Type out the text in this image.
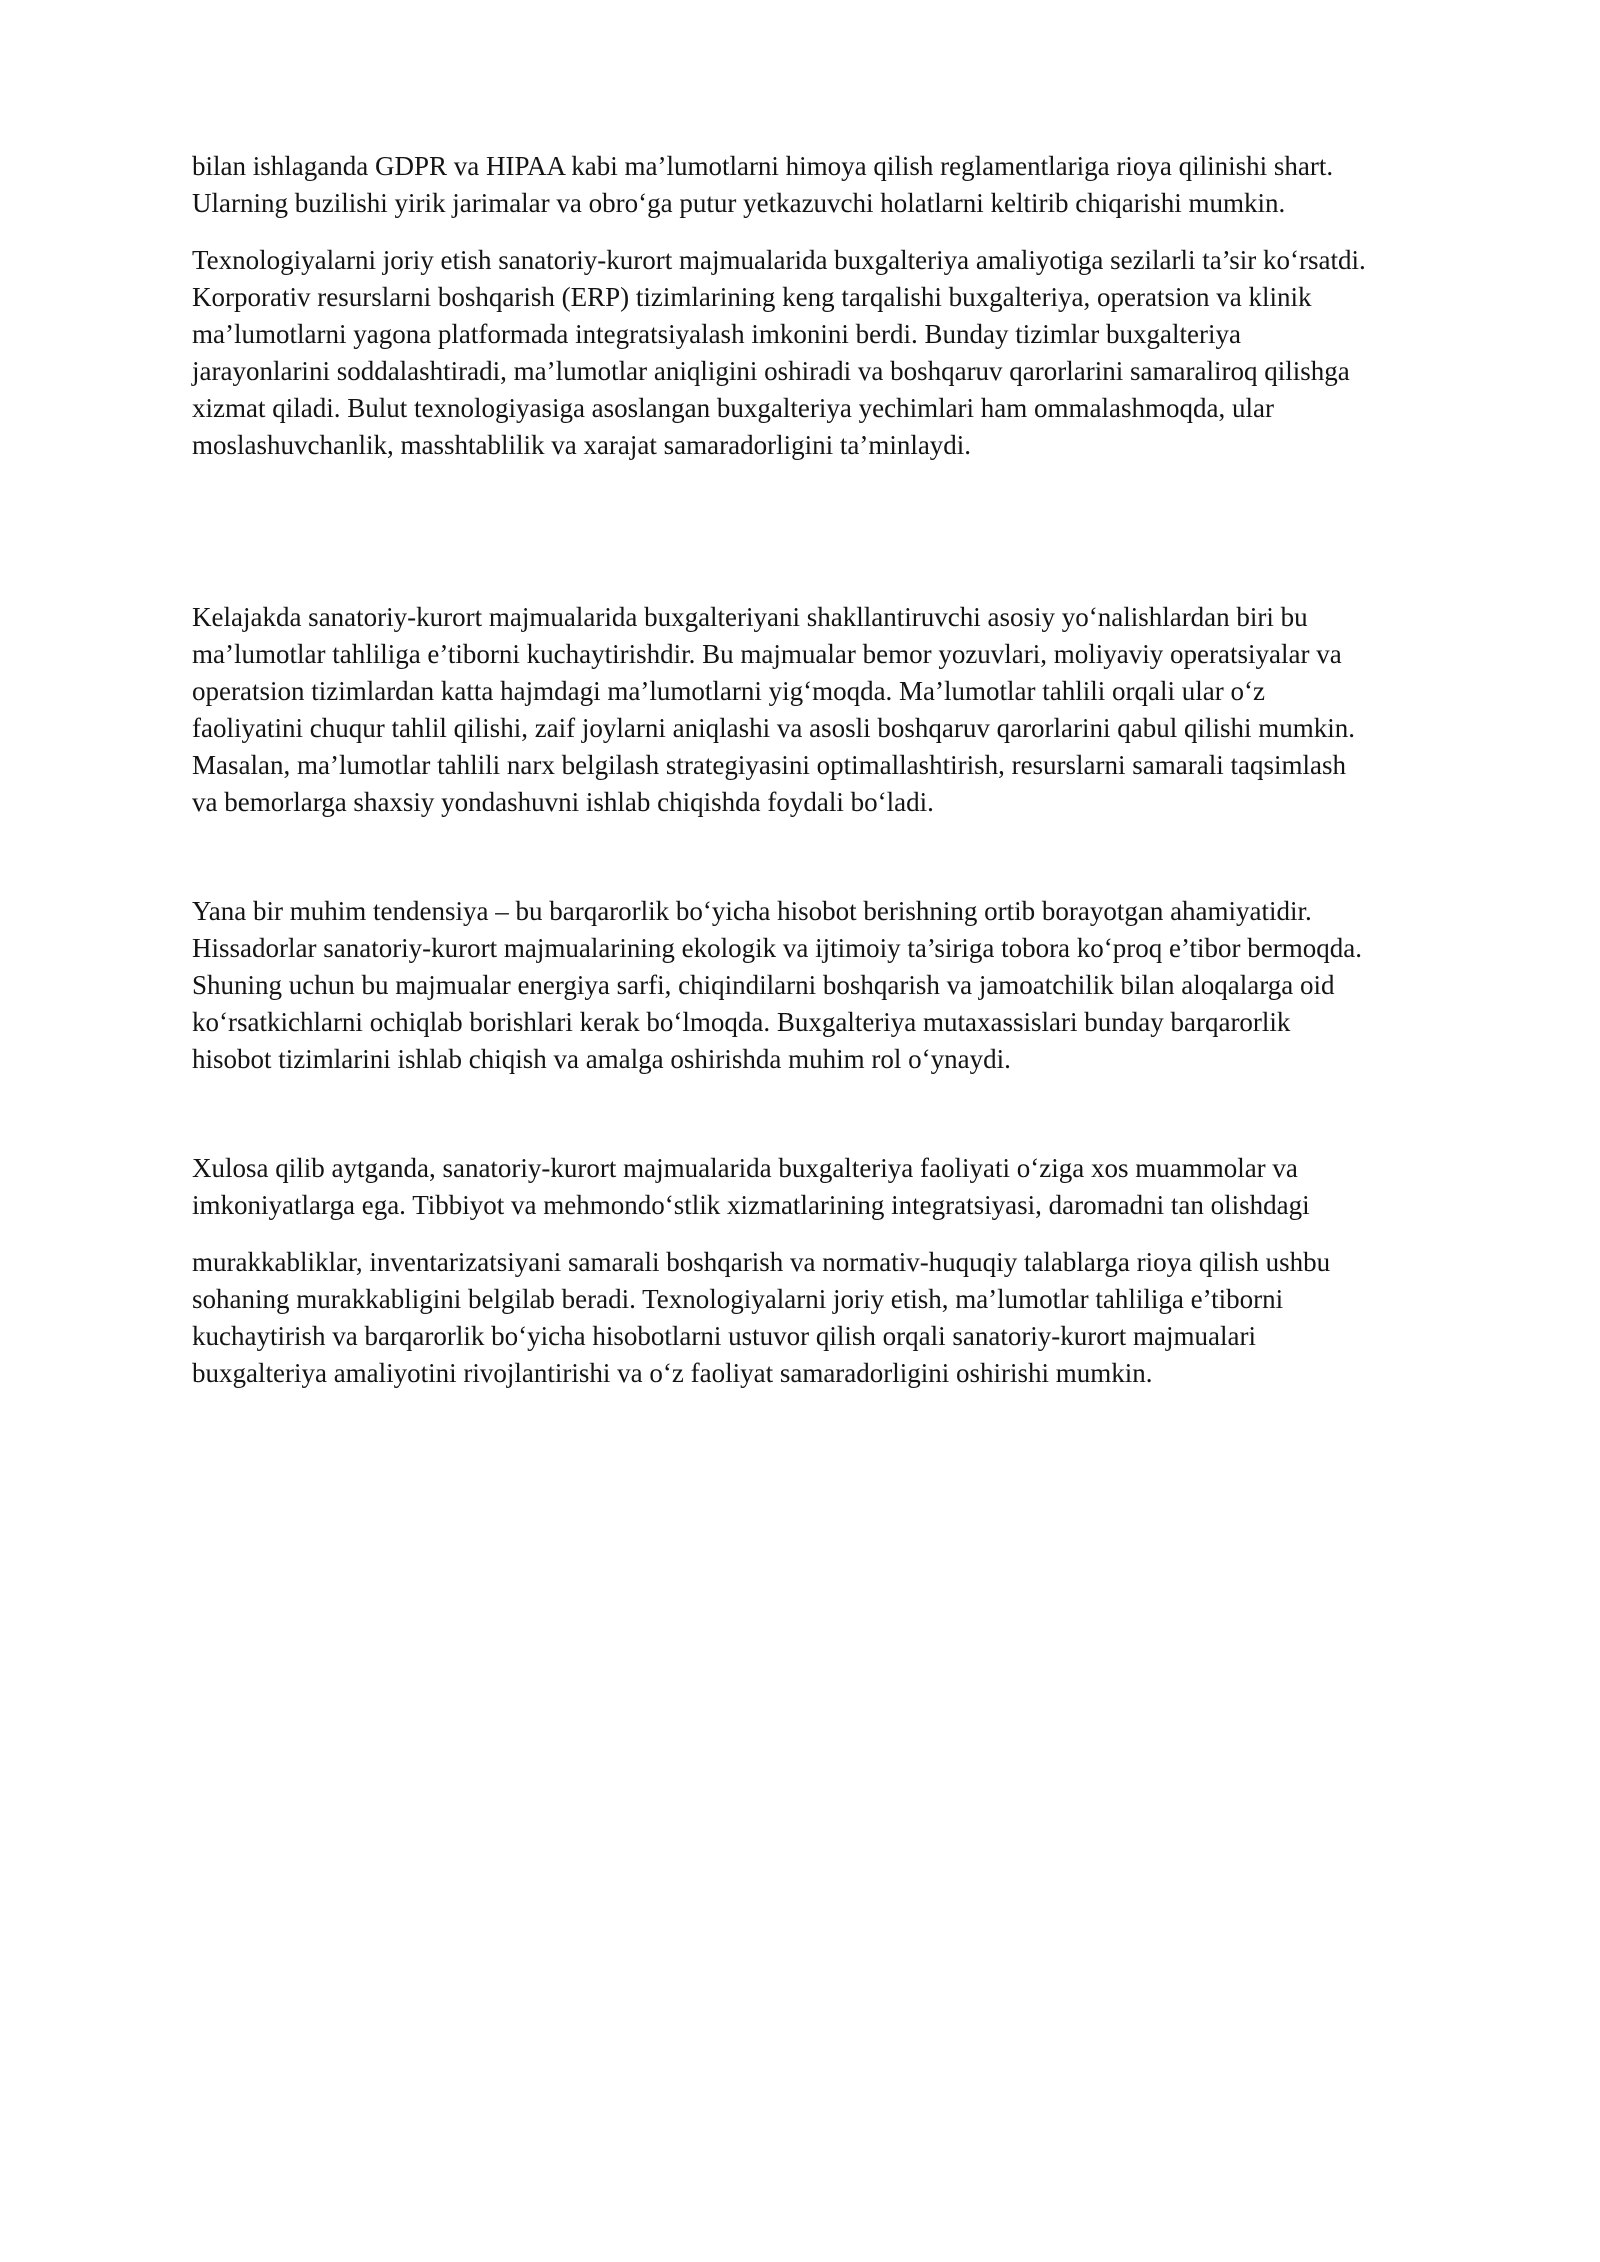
bilan ishlaganda GDPR va HIPAA kabi ma’lumotlarni himoya qilish reglamentlariga rioya qilinishi shart.
Ularning buzilishi yirik jarimalar va obro‘ga putur yetkazuvchi holatlarni keltirib chiqarishi mumkin.

Texnologiyalarni joriy etish sanatoriy-kurort majmualarida buxgalteriya amaliyotiga sezilarli ta’sir ko‘rsatdi.
Korporativ resurslarni boshqarish (ERP) tizimlarining keng tarqalishi buxgalteriya, operatsion va klinik
ma’lumotlarni yagona platformada integratsiyalash imkonini berdi. Bunday tizimlar buxgalteriya
jarayonlarini soddalashtiradi, ma’lumotlar aniqligini oshiradi va boshqaruv qarorlarini samaraliroq qilishga
xizmat qiladi. Bulut texnologiyasiga asoslangan buxgalteriya yechimlari ham ommalashmoqda, ular
moslashuvchanlik, masshtablilik va xarajat samaradorligini ta’minlaydi.

Kelajakda sanatoriy-kurort majmualarida buxgalteriyani shakllantiruvchi asosiy yo‘nalishlardan biri bu
ma’lumotlar tahliliga e’tiborni kuchaytirishdir. Bu majmualar bemor yozuvlari, moliyaviy operatsiyalar va
operatsion tizimlardan katta hajmdagi ma’lumotlarni yig‘moqda. Ma’lumotlar tahlili orqali ular o‘z
faoliyatini chuqur tahlil qilishi, zaif joylarni aniqlashi va asosli boshqaruv qarorlarini qabul qilishi mumkin.
Masalan, ma’lumotlar tahlili narx belgilash strategiyasini optimallashtirish, resurslarni samarali taqsimlash
va bemorlarga shaxsiy yondashuvni ishlab chiqishda foydali bo‘ladi.

Yana bir muhim tendensiya – bu barqarorlik bo‘yicha hisobot berishning ortib borayotgan ahamiyatidir.
Hissadorlar sanatoriy-kurort majmualarining ekologik va ijtimoiy ta’siriga tobora ko‘proq e’tibor bermoqda.
Shuning uchun bu majmualar energiya sarfi, chiqindilarni boshqarish va jamoatchilik bilan aloqalarga oid
ko‘rsatkichlarni ochiqlab borishlari kerak bo‘lmoqda. Buxgalteriya mutaxassislari bunday barqarorlik
hisobot tizimlarini ishlab chiqish va amalga oshirishda muhim rol o‘ynaydi.

Xulosa qilib aytganda, sanatoriy-kurort majmualarida buxgalteriya faoliyati o‘ziga xos muammolar va
imkoniyatlarga ega. Tibbiyot va mehmondo‘stlik xizmatlarining integratsiyasi, daromadni tan olishdagi

murakkabliklar, inventarizatsiyani samarali boshqarish va normativ-huquqiy talablarga rioya qilish ushbu
sohaning murakkabligini belgilab beradi. Texnologiyalarni joriy etish, ma’lumotlar tahliliga e’tiborni
kuchaytirish va barqarorlik bo‘yicha hisobotlarni ustuvor qilish orqali sanatoriy-kurort majmualari
buxgalteriya amaliyotini rivojlantirishi va o‘z faoliyat samaradorligini oshirishi mumkin.
